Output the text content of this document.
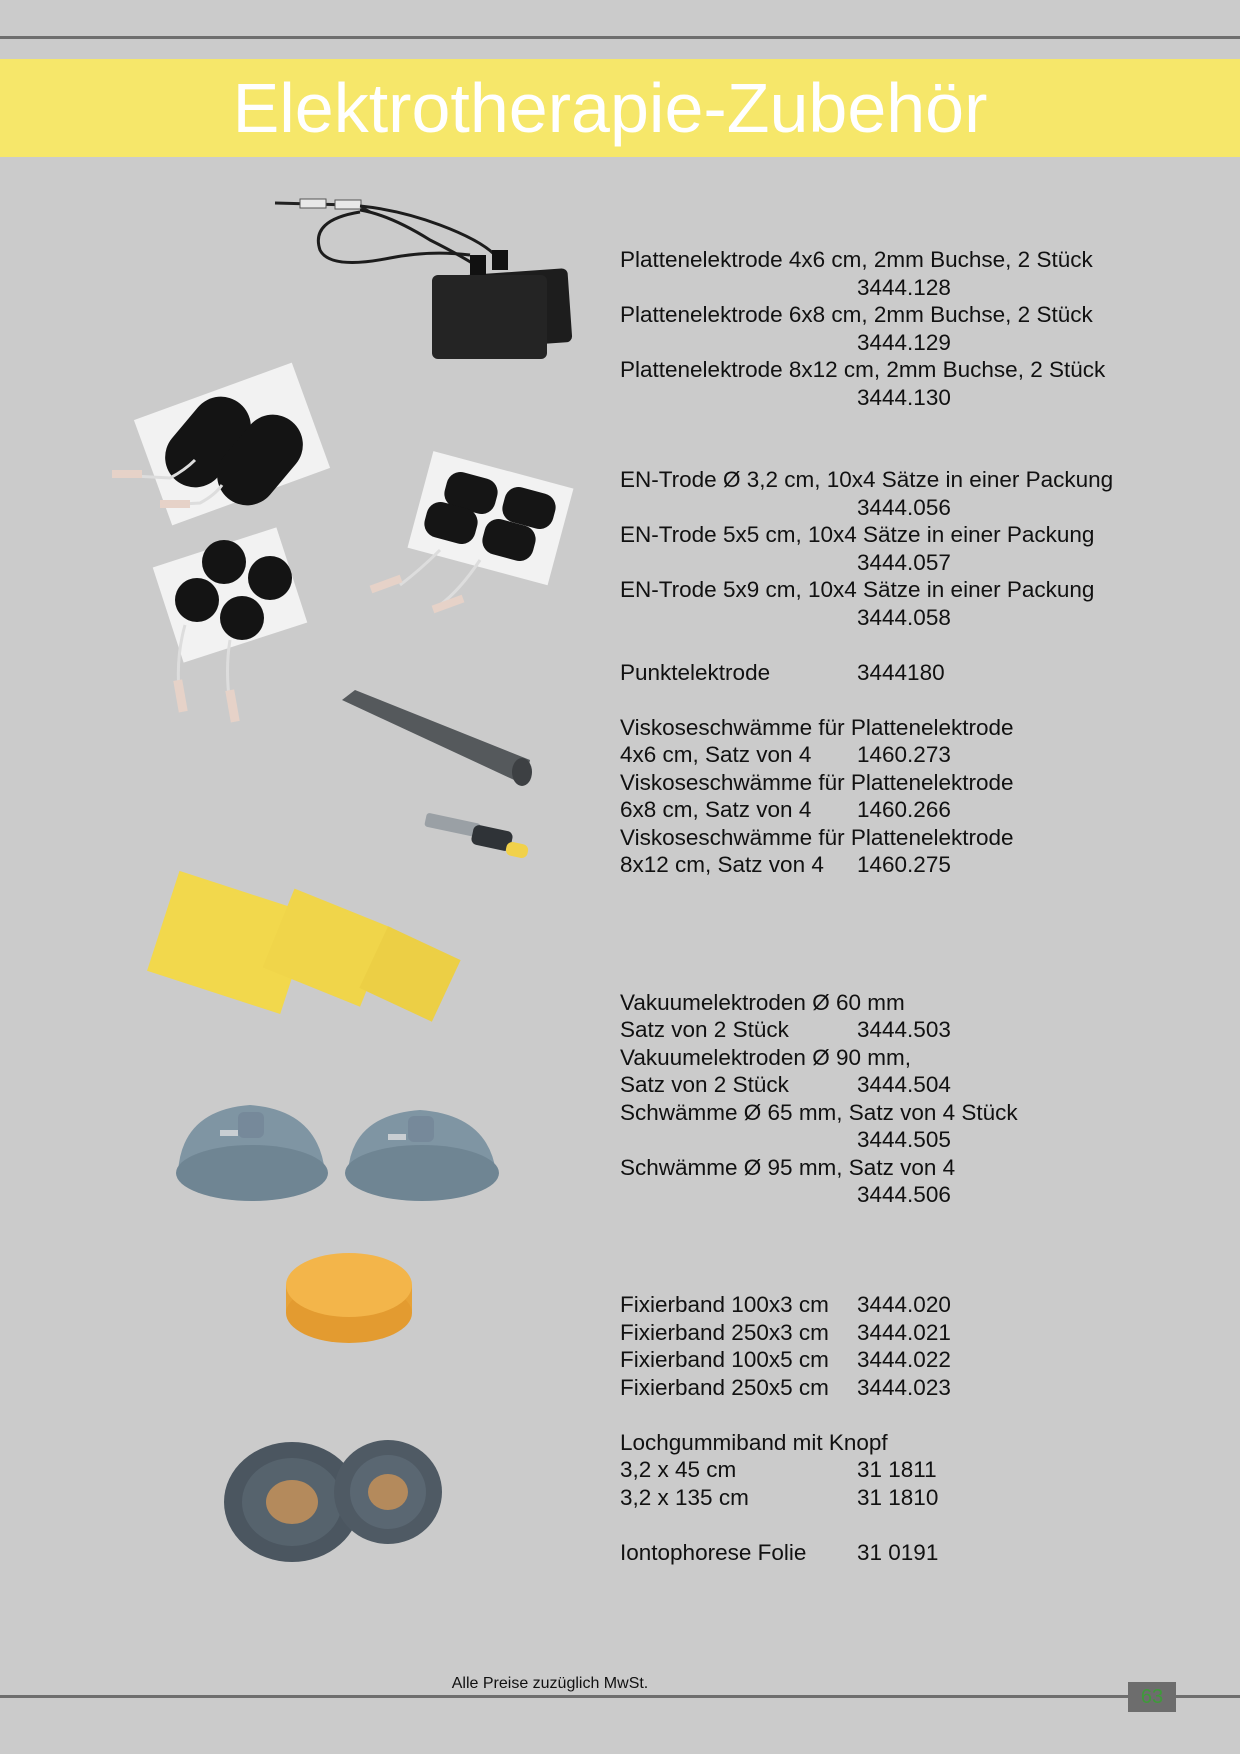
Elektrotherapie-Zubehör
Plattenelektrode 4x6 cm, 2mm Buchse, 2 Stück
3444.128
Plattenelektrode 6x8 cm, 2mm Buchse, 2 Stück
3444.129
Plattenelektrode 8x12 cm, 2mm Buchse, 2 Stück
3444.130
EN-Trode Ø 3,2 cm, 10x4 Sätze in einer Packung
3444.056
EN-Trode 5x5 cm, 10x4 Sätze in einer Packung
3444.057
EN-Trode 5x9 cm, 10x4 Sätze in einer Packung
3444.058
Punktelektrode	3444180
Viskoseschwämme für Plattenelektrode
4x6 cm, Satz von 4 1460.273
Viskoseschwämme für Plattenelektrode
6x8 cm, Satz von 4 1460.266
Viskoseschwämme für Plattenelektrode
8x12 cm, Satz von 4 1460.275
Vakuumelektroden Ø 60 mm
Satz von 2 Stück	3444.503
Vakuumelektroden Ø 90 mm,
Satz von 2 Stück	3444.504
Schwämme Ø 65 mm, Satz von 4 Stück
3444.505
Schwämme Ø 95 mm, Satz von 4
3444.506
Fixierband 100x3 cm 3444.020
Fixierband 250x3 cm 3444.021
Fixierband 100x5 cm 3444.022
Fixierband 250x5 cm 3444.023
Lochgummiband mit Knopf
3,2 x 45 cm	31 1811
3,2 x 135 cm	31 1810
Iontophorese Folie 31 0191
Alle Preise zuzüglich MwSt.
63
